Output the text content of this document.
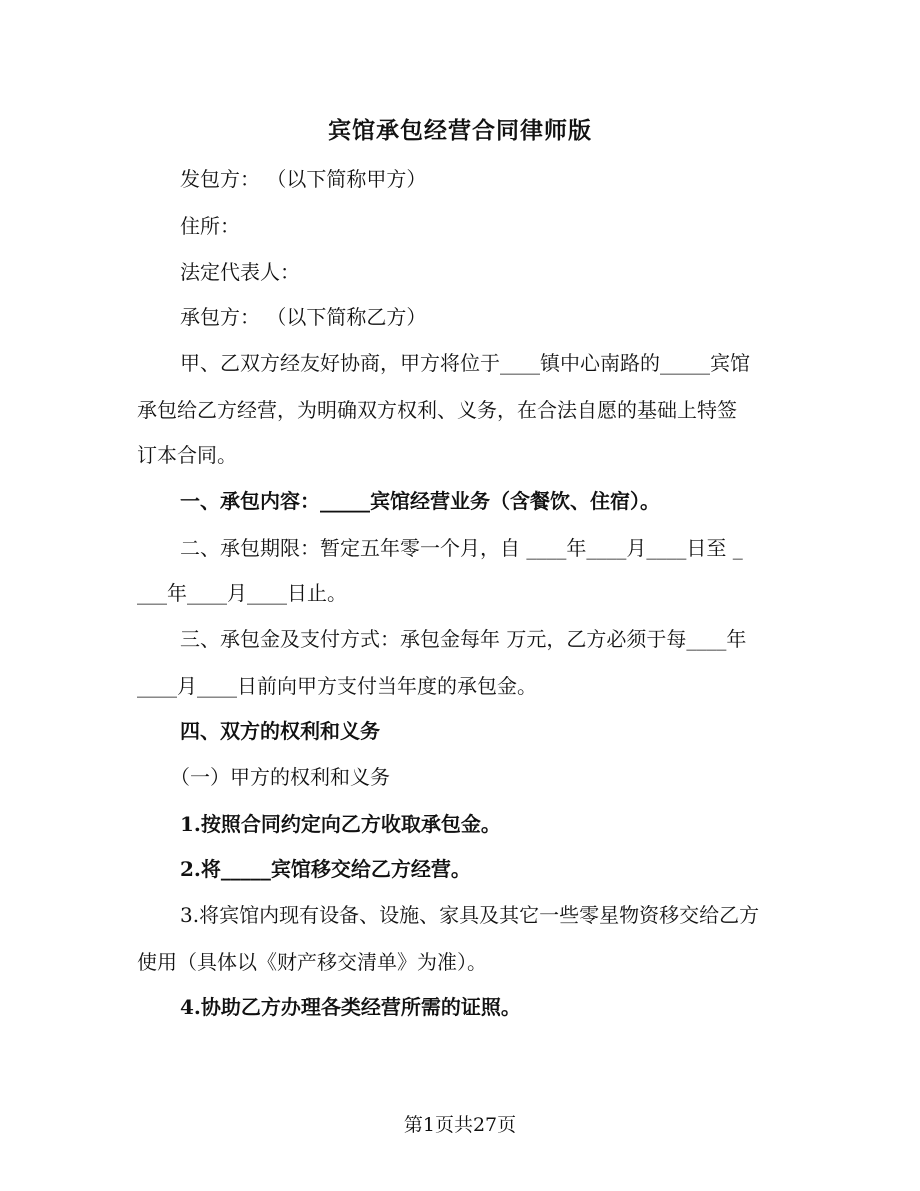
宾馆承包经营合同律师版
发包方： （以下简称甲方）
住所：
法定代表人：
承包方： （以下简称乙方）
甲、乙双方经友好协商，甲方将位于____镇中心南路的_____宾馆
承包给乙方经营，为明确双方权利、义务，在合法自愿的基础上特签
订本合同。
一、承包内容：_____宾馆经营业务（含餐饮、住宿）。
二、承包期限：暂定五年零一个月，自 ____年____月____日至 _
___年____月____日止。
三、承包金及支付方式：承包金每年 万元，乙方必须于每____年
____月____日前向甲方支付当年度的承包金。
四、双方的权利和义务
（一）甲方的权利和义务
1.按照合同约定向乙方收取承包金。
2.将_____宾馆移交给乙方经营。
3.将宾馆内现有设备、设施、家具及其它一些零星物资移交给乙方
使用（具体以《财产移交清单》为准）。
4.协助乙方办理各类经营所需的证照。
第1页共27页
